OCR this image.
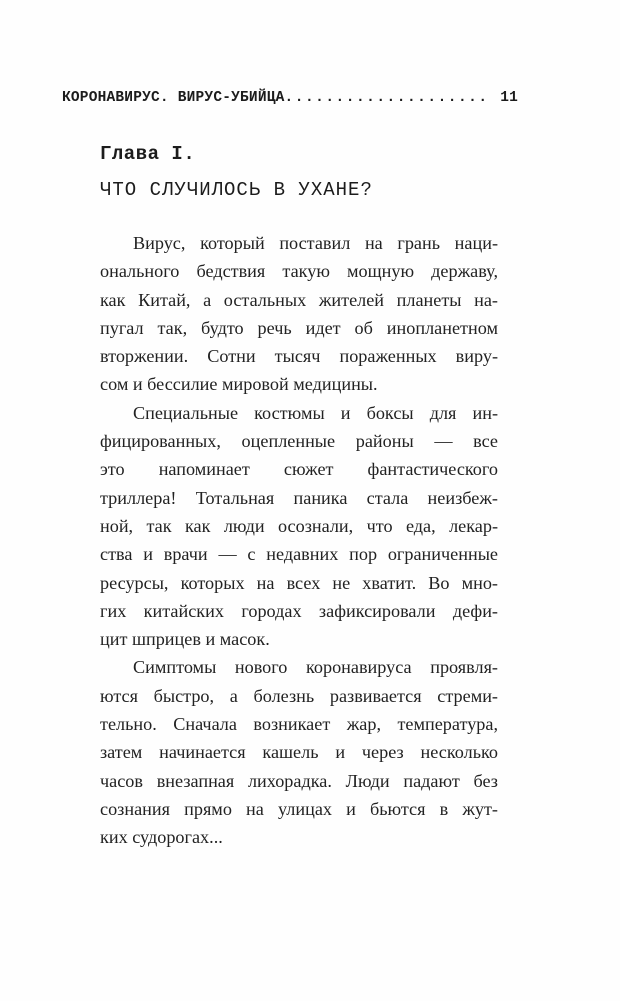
КОРОНАВИРУС. ВИРУС-УБИЙЦА .....	11
Глава I.
ЧТО СЛУЧИЛОСЬ В УХАНЕ?

Вирус, который поставил на грань наци-
онального бедствия такую мощную державу,
как Китай, а остальных жителей планеты на-
пугал так, будто речь идет об инопланетном
вторжении. Сотни тысяч пораженных виру-
сом и бессилие мировой медицины.

Специальные костюмы и боксы для ин-
фицированных, оцепленные районы — все
это напоминает сюжет фантастического
триллера! Тотальная паника стала неизбеж-
ной, так как люди осознали, что еда, лекар-
ства и врачи — с недавних пор ограниченные
ресурсы, которых на всех не хватит. Во мно-
гих китайских городах зафиксировали дефи-
цит шприцев и масок.

Симптомы нового коронавируса проявля-
ются быстро, а болезнь развивается стреми-
тельно. Сначала возникает жар, температура,
затем начинается кашель и через несколько
часов внезапная лихорадка. Люди падают без
сознания прямо на улицах и бьются в жут-
ких судорогах...
